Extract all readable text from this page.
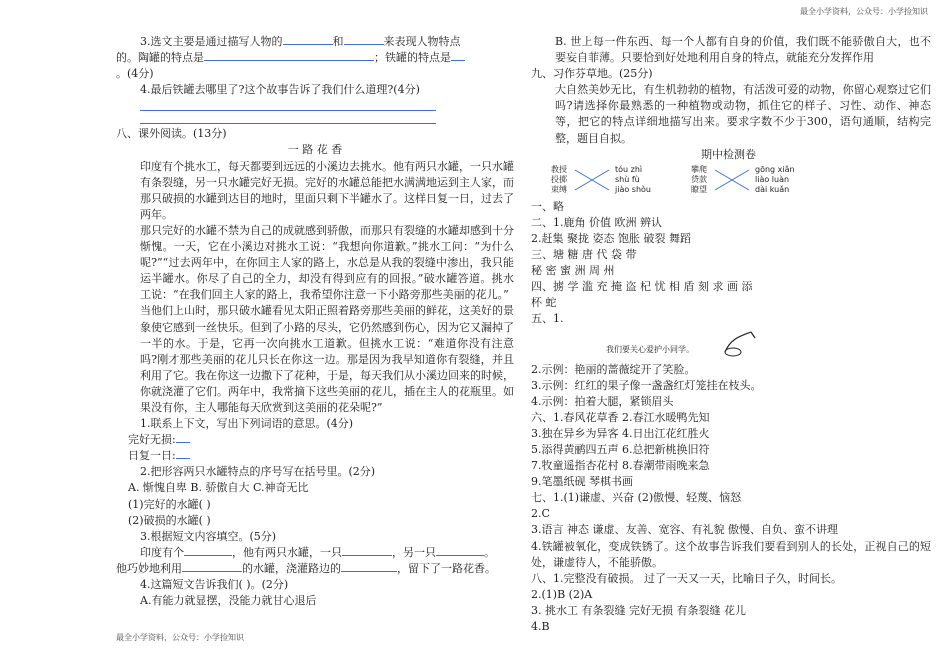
最全小学资料，公众号：小学捡知识
3.选文主要是通过描写人物的	和	来表现人物特点
的。陶罐的特点是	；铁罐的特点是
。(4分)
4.最后铁罐去哪里了?这个故事告诉了我们什么道理?(4分)
八、课外阅读。(13分)
一 路 花 香
印度有个挑水工，每天都要到远远的小溪边去挑水。他有两只水罐，一只水罐有条裂缝，另一只水罐完好无损。完好的水罐总能把水满满地运到主人家，而那只破损的水罐到达目的地时，里面只剩下半罐水了。这样日复一日，过去了两年。
那只完好的水罐不禁为自己的成就感到骄傲，而那只有裂缝的水罐却感到十分惭愧。一天，它在小溪边对挑水工说：“我想向你道歉。”挑水工问：“为什么呢?”“过去两年中，在你回主人家的路上，水总是从我的裂缝中渗出，我只能运半罐水。你尽了自己的全力，却没有得到应有的回报。”破水罐答道。挑水工说：“在我们回主人家的路上，我希望你注意一下小路旁那些美丽的花儿。”
当他们上山时，那只破水罐看见太阳正照着路旁那些美丽的鲜花，这美好的景象使它感到一丝快乐。但到了小路的尽头，它仍然感到伤心，因为它又漏掉了一半的水。于是，它再一次向挑水工道歉。但挑水工说：“难道你没有注意吗?刚才那些美丽的花儿只长在你这一边。那是因为我早知道你有裂缝，并且利用了它。我在你这一边撒下了花种，于是，每天我们从小溪边回来的时候，你就浇灌了它们。两年中，我常摘下这些美丽的花儿，插在主人的花瓶里。如果没有你，主人哪能每天欣赏到这美丽的花朵呢?”
1.联系上下文，写出下列词语的意思。(4分)
完好无损:
日复一日:
2.把形容两只水罐特点的序号写在括号里。(2分)
A. 惭愧自卑 B. 骄傲自大 C.神奇无比
(1)完好的水罐( )
(2)破损的水罐( )
3.根据短文内容填空。(5分)
印度有个	，他有两只水罐，一只	，另一只	。
他巧妙地利用	的水罐，浇灌路边的	，留下了一路花香。
4.这篇短文告诉我们( )。(2分)
A.有能力就显摆，没能力就甘心退后
B. 世上每一件东西、每一个人都有自身的价值，我们既不能骄傲自大，也不要妄自菲薄。只要恰到好处地利用自身的特点，就能充分发挥作用
九、习作芬草地。(25分)
大自然美妙无比，有生机勃勃的植物，有活泼可爱的动物，你留心观察过它们吗?请选择你最熟悉的一种植物或动物，抓住它的样子、习性、动作、神态等，把它的特点详细地描写出来。要求字数不少于300，语句通顺，结构完整，题目自拟。
期中检测卷
教授
投掷
束缚
tóu zhì
shù fù
jiào shòu
攀爬
贷款
瞭望
gōng xiǎn
liào luàn
dài kuǎn
一、略
二、1.鹿角 价值 欧洲 辨认
2.赶集 聚拢 姿态 饱胀 破裂 舞蹈
三、塘 糖 唐 代 袋 带
秘 密 蜜 洲 周 州
四、掳 学 滥 充 掩 盗 杞 忧 相 盾 刻 求 画 添
杯 蛇
五、1.
我们要关心爱护小同学。
2.示例：艳丽的蔷薇绽开了笑脸。
3.示例：红红的果子像一盏盏红灯笼挂在枝头。
4.示例：拍着大腿，紧锁眉头
六、1.春风花草香 2.春江水暖鸭先知
3.独在异乡为异客 4.日出江花红胜火
5.添得黄鹂四五声 6.总把新桃换旧符
7.牧童遥指杏花村 8.春潮带雨晚来急
9.笔墨纸砚 琴棋书画
七、1.(1)谦虚、兴奋 (2)傲慢、轻蔑、恼怒
2.C
3.语言 神态 谦虚、友善、宽容、有礼貌 傲慢、自负、蛮不讲理
4.铁罐被氧化，变成铁锈了。这个故事告诉我们要看到别人的长处，正视自己的短处，谦虚待人，不能骄傲。
八、1.完整没有破损。 过了一天又一天，比喻日子久，时间长。
2.(1)B (2)A
3. 挑水工 有条裂缝 完好无损 有条裂缝 花儿
4.B
最全小学资料，公众号：小学捡知识
